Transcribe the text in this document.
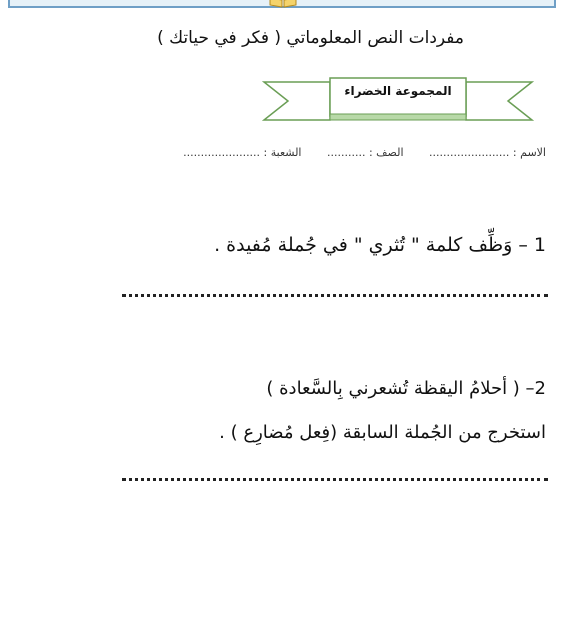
مفردات النص المعلوماتي ( فكر في حياتك )
المجموعة الخضراء
الاسم : ....................... الصف : ........... الشعبة : ......................
1 – وَظِّف كلمة " تُثري " في جُملة مُفيدة .
2– ( أحلامُ اليقظة تُشعرني بِالسَّعادة )
استخرج من الجُملة السابقة (فِعل مُضارِع ) .
